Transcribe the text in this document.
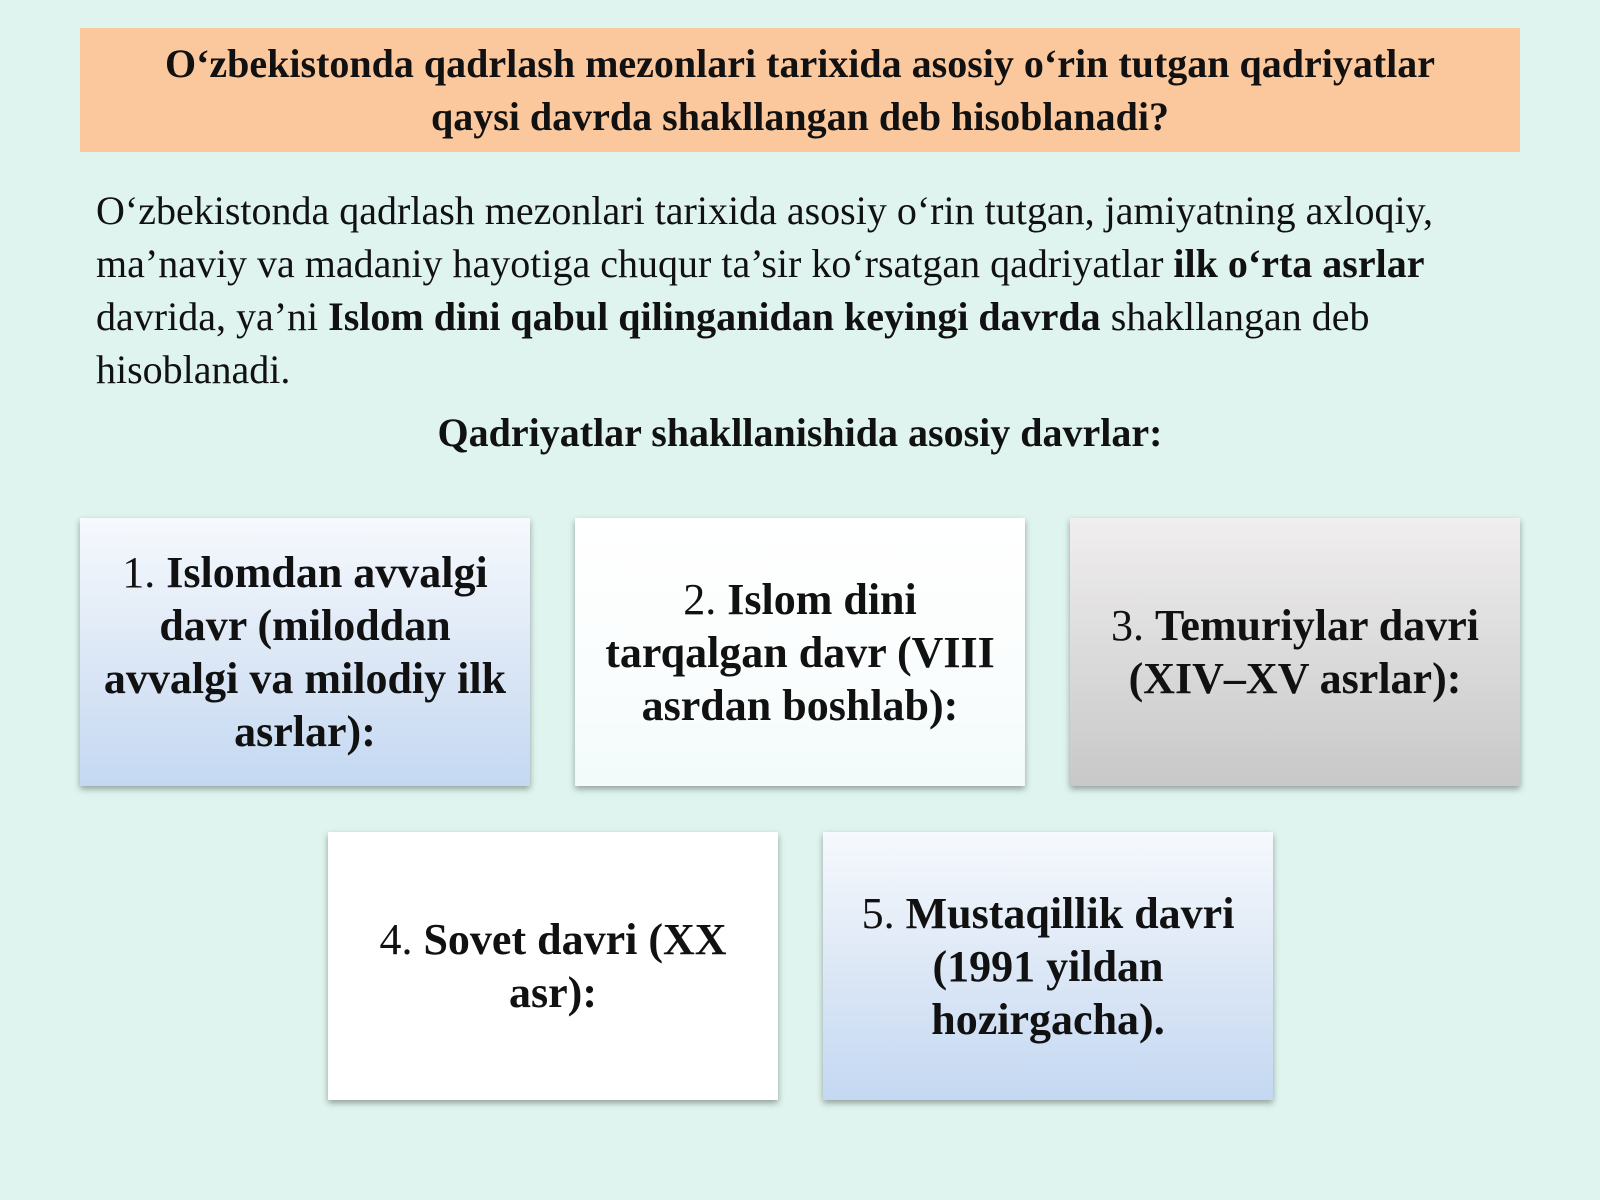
O‘zbekistonda qadrlash mezonlari tarixida asosiy o‘rin tutgan qadriyatlar qaysi davrda shakllangan deb hisoblanadi?

O‘zbekistonda qadrlash mezonlari tarixida asosiy o‘rin tutgan, jamiyatning axloqiy, ma’naviy va madaniy hayotiga chuqur ta’sir ko‘rsatgan qadriyatlar ilk o‘rta asrlar davrida, ya’ni Islom dini qabul qilinganidan keyingi davrda shakllangan deb hisoblanadi.

Qadriyatlar shakllanishida asosiy davrlar:
1. Islomdan avvalgi davr (miloddan avvalgi va milodiy ilk asrlar):
2. Islom dini tarqalgan davr (VIII asrdan boshlab):
3. Temuriylar davri (XIV–XV asrlar):
4. Sovet davri (XX asr):
5. Mustaqillik davri (1991 yildan hozirgacha).
